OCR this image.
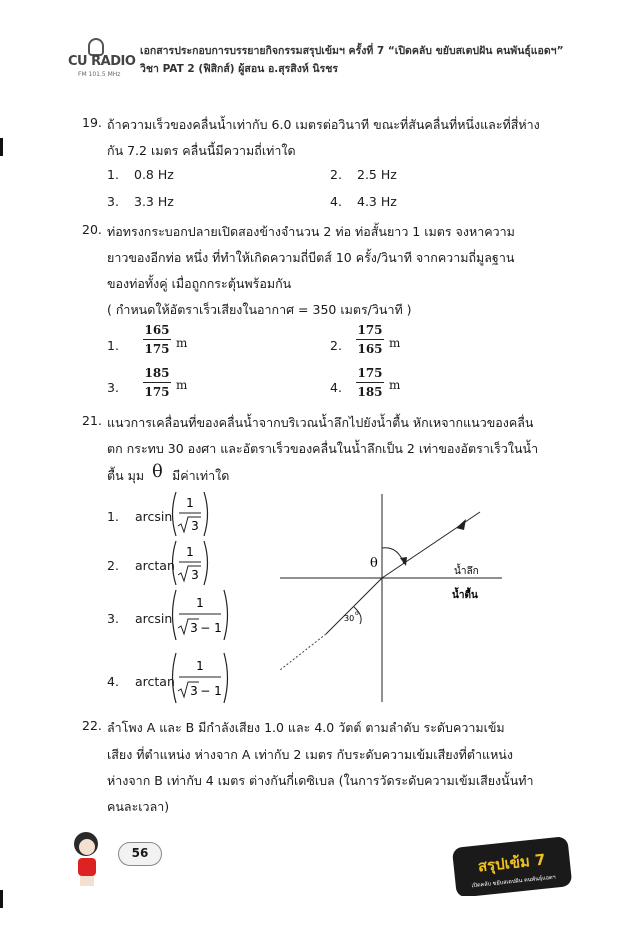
CU RADIO
FM 101.5 MHz
เอกสารประกอบการบรรยายกิจกรรมสรุปเข้มฯ ครั้งที่ 7 “เปิดคลับ ขยับสเตปฝัน คนพันธุ์แอดฯ”
วิชา PAT 2 (ฟิสิกส์) ผู้สอน อ.สุรสิงห์ นิรชร
19. ถ้าความเร็วของคลื่นน้ำเท่ากับ 6.0 เมตรต่อวินาที ขณะที่สันคลื่นที่หนึ่งและที่สี่ห่าง
กัน 7.2 เมตร คลื่นนี้มีความถี่เท่าใด
1. 0.8 Hz	2. 2.5 Hz
3. 3.3 Hz	4. 4.3 Hz
20. ท่อทรงกระบอกปลายเปิดสองข้างจำนวน 2 ท่อ ท่อสั้นยาว 1 เมตร จงหาความ
ยาวของอีกท่อ หนึ่ง ที่ทำให้เกิดความถี่บีตส์ 10 ครั้ง/วินาที จากความถี่มูลฐาน
ของท่อทั้งคู่ เมื่อถูกกระตุ้นพร้อมกัน
( กำหนดให้อัตราเร็วเสียงในอากาศ = 350 เมตร/วินาที )
1.
165
175 m	2.
175
165 m
3.
185
175 m	4.
175
185 m
21. แนวการเคลื่อนที่ของคลื่นน้ำจากบริเวณน้ำลึกไปยังน้ำตื้น หักเหจากแนวของคลื่น
ตก กระทบ 30 องศา และอัตราเร็วของคลื่นในน้ำลึกเป็น 2 เท่าของอัตราเร็วในน้ำ
ตื้น มุม θ มีค่าเท่าใด
1. arcsin
1
3
2. arctan
1
3
3. arcsin
1
3 − 1
4. arctan
1
3 − 1
θ
30
o
น้ำลึก
น้ำตื้น
22. ลำโพง A และ B มีกำลังเสียง 1.0 และ 4.0 วัตต์ ตามลำดับ ระดับความเข้ม
เสียง ที่ตำแหน่ง ห่างจาก A เท่ากับ 2 เมตร กับระดับความเข้มเสียงที่ตำแหน่ง
ห่างจาก B เท่ากับ 4 เมตร ต่างกันกี่เดซิเบล (ในการวัดระดับความเข้มเสียงนั้นทำ
คนละเวลา)
56	สรุปเข้ม 7
เปิดคลับ ขยับสเตปฝัน คนพันธุ์แอดฯ
